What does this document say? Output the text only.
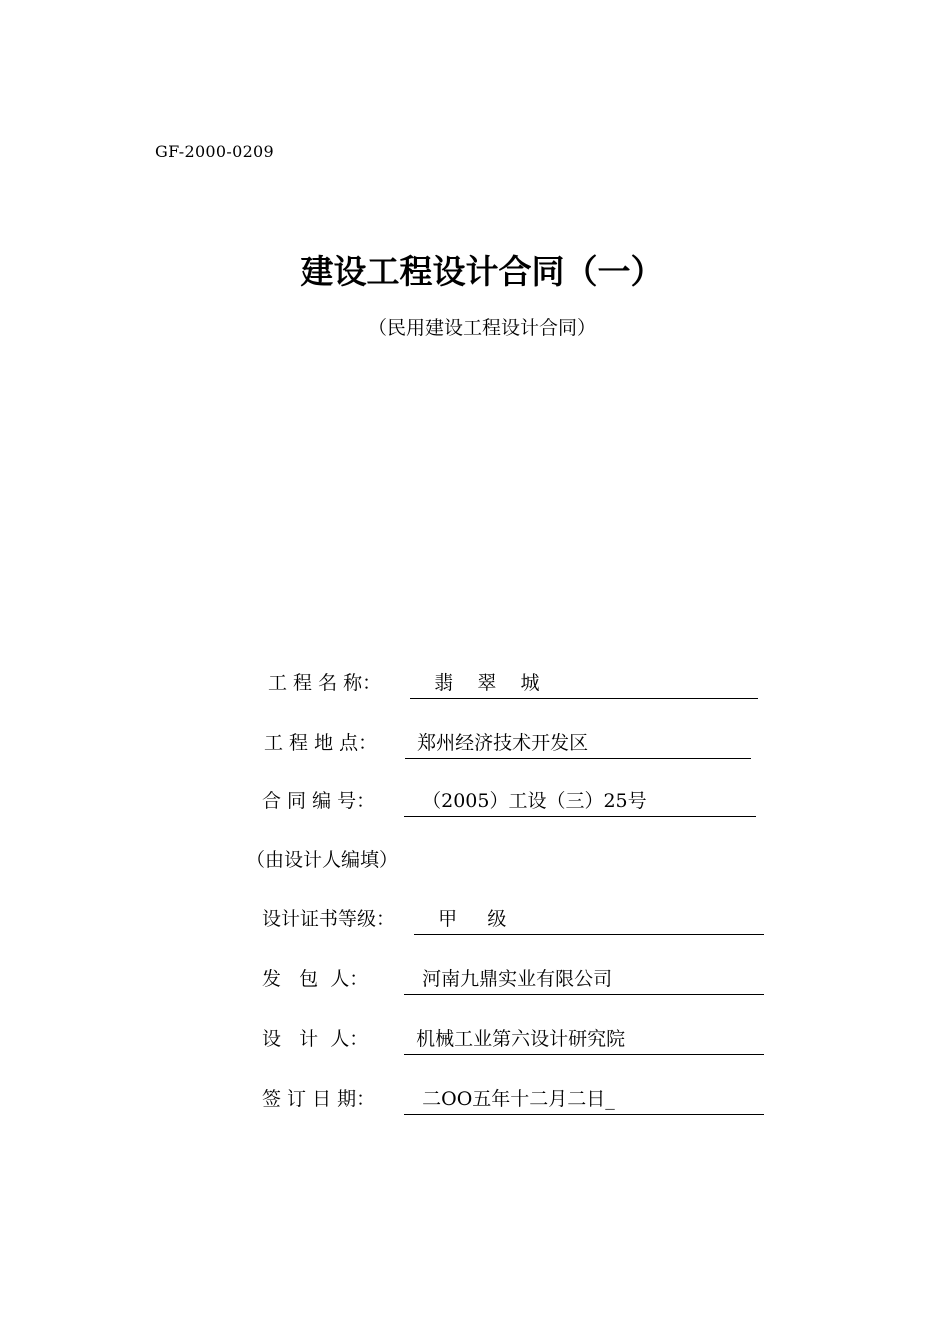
GF-2000-0209
建设工程设计合同（一）
（民用建设工程设计合同）
工 程 名 称： 翡    翠    城
工 程 地 点： 郑州经济技术开发区
合 同 编 号： （2005）工设（三）25号
（由设计人编填）
设计证书等级： 甲     级
发   包  人： 河南九鼎实业有限公司
设   计  人： 机械工业第六设计研究院
签 订 日 期： 二OO五年十二月二日_
